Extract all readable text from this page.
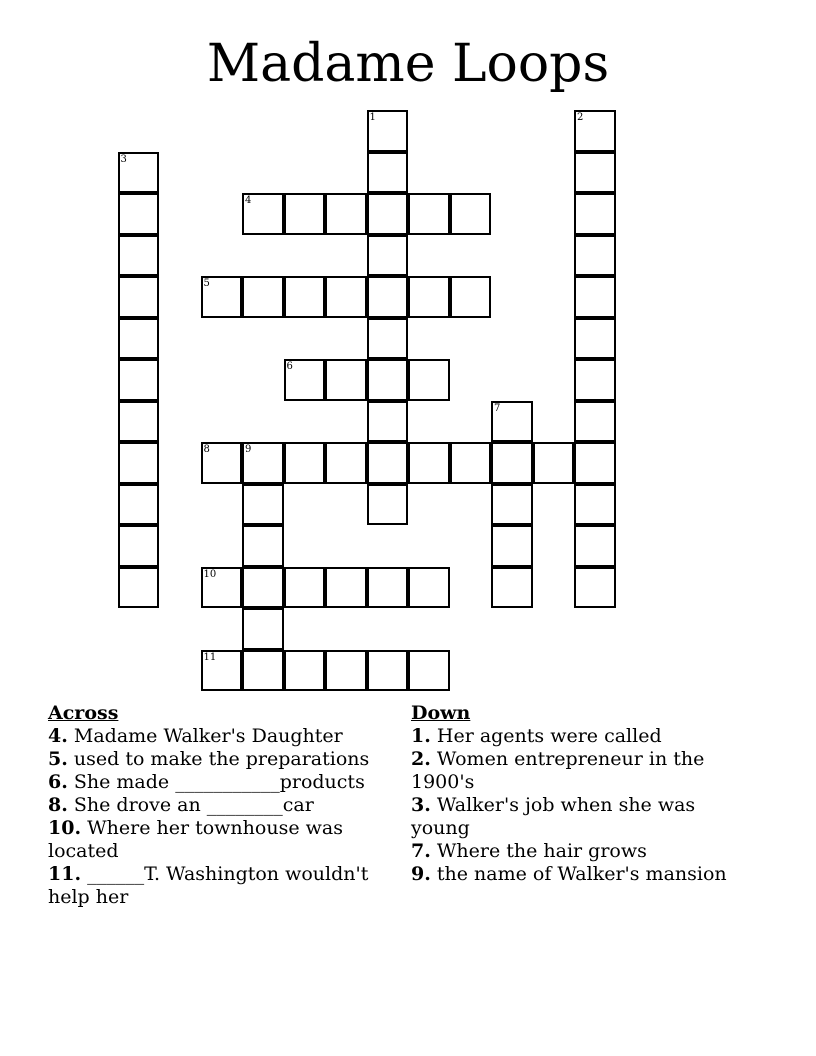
Madame Loops
4
5
6
8	9
10
11
1	2
3
7
Across
4. Madame Walker's Daughter
5. used to make the preparations
6. She made ___________products
8. She drove an ________car
10. Where her townhouse was located
11. ______T. Washington wouldn't help her
Down
1. Her agents were called
2. Women entrepreneur in the 1900's
3. Walker's job when she was young
7. Where the hair grows
9. the name of Walker's mansion
